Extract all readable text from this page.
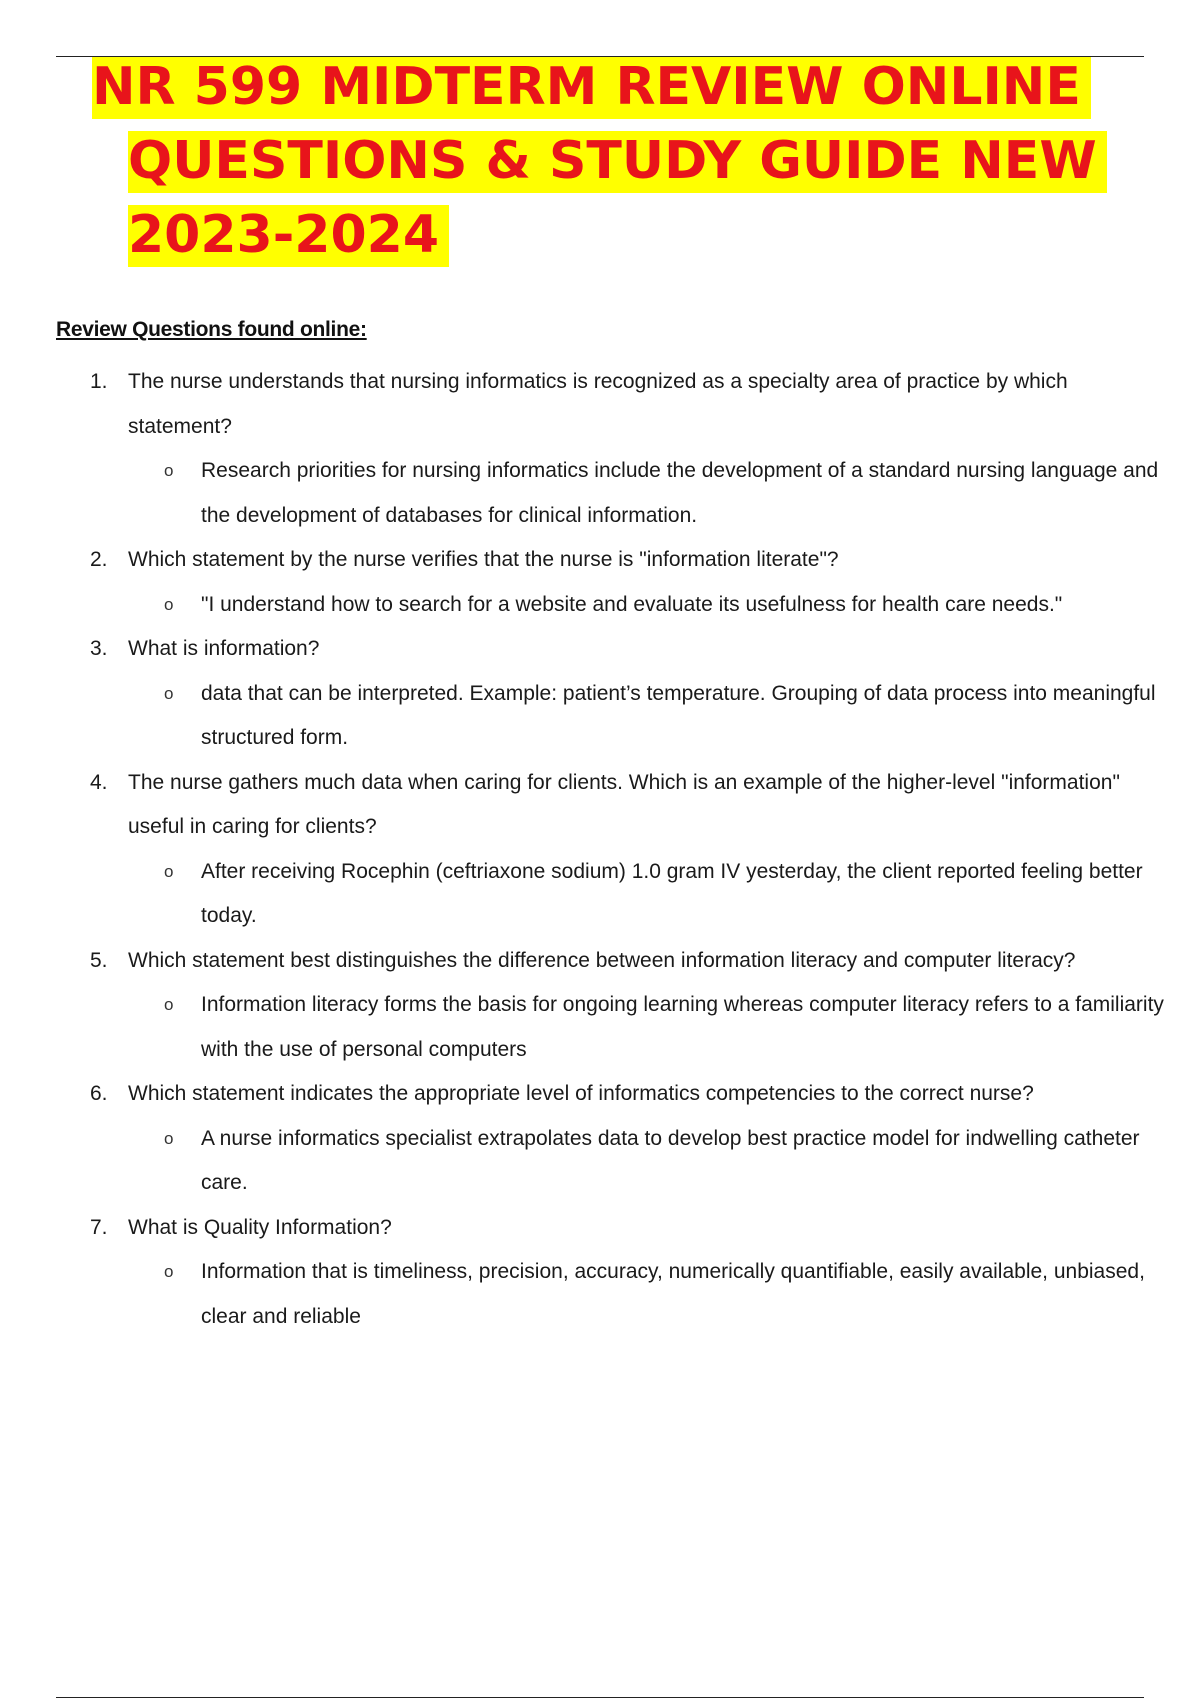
NR 599 MIDTERM REVIEW ONLINE
QUESTIONS & STUDY GUIDE NEW
2023-2024
Review Questions found online:
1. The nurse understands that nursing informatics is recognized as a specialty area of practice by which statement?
o Research priorities for nursing informatics include the development of a standard nursing language and the development of databases for clinical information.
2. Which statement by the nurse verifies that the nurse is "information literate"?
o "I understand how to search for a website and evaluate its usefulness for health care needs."
3. What is information?
o data that can be interpreted. Example: patient’s temperature. Grouping of data process into meaningful structured form.
4. The nurse gathers much data when caring for clients. Which is an example of the higher-level "information" useful in caring for clients?
o After receiving Rocephin (ceftriaxone sodium) 1.0 gram IV yesterday, the client reported feeling better today.
5. Which statement best distinguishes the difference between information literacy and computer literacy?
o Information literacy forms the basis for ongoing learning whereas computer literacy refers to a familiarity with the use of personal computers
6. Which statement indicates the appropriate level of informatics competencies to the correct nurse?
o A nurse informatics specialist extrapolates data to develop best practice model for indwelling catheter care.
7. What is Quality Information?
o Information that is timeliness, precision, accuracy, numerically quantifiable, easily available, unbiased, clear and reliable
